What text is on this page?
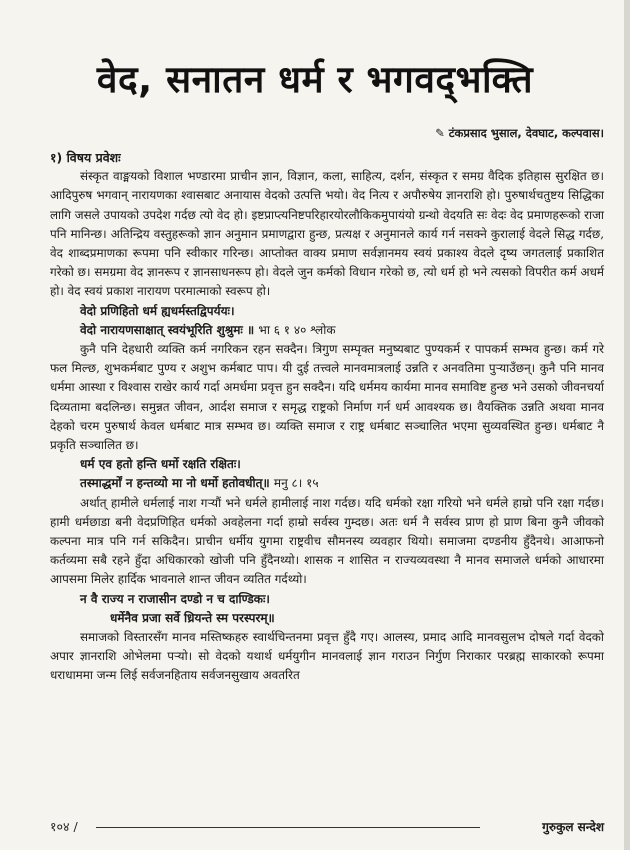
वेद, सनातन धर्म र भगवद्‌भक्ति
✎ टंकप्रसाद भुसाल, देवघाट, कल्पवास।

१) विषय प्रवेशः

संस्कृत वाङ्मयको विशाल भण्डारमा प्राचीन ज्ञान, विज्ञान, कला, साहित्य, दर्शन, संस्कृत र समग्र वैदिक इतिहास सुरक्षित छ। आदिपुरुष भगवान् नारायणका श्वासबाट अनायास वेदको उत्पत्ति भयो। वेद नित्य र अपौरुषेय ज्ञानराशि हो। पुरुषार्थचतुष्टय सिद्धिका लागि जसले उपायको उपदेश गर्दछ त्यो वेद हो। इष्टप्राप्त्यनिष्टपरिहारयोरलौकिकमुपायंयो ग्रन्थो वेदयति सः वेदः वेद प्रमाणहरूको राजा पनि मानिन्छ। अतिन्द्रिय वस्तुहरूको ज्ञान अनुमान प्रमाणद्वारा हुन्छ, प्रत्यक्ष र अनुमानले कार्य गर्न नसक्ने कुरालाई वेदले सिद्ध गर्दछ, वेद शाब्दप्रमाणका रूपमा पनि स्वीकार गरिन्छ। आप्तोक्त वाक्य प्रमाण सर्वज्ञानमय स्वयं प्रकाश्य वेदले दृष्य जगतलाई प्रकाशित गरेको छ। समग्रमा वेद ज्ञानरूप र ज्ञानसाधनरूप हो। वेदले जुन कर्मको विधान गरेको छ, त्यो धर्म हो भने त्यसको विपरीत कर्म अधर्म हो। वेद स्वयं प्रकाश नारायण परमात्माको स्वरूप हो।

वेदो प्रणिहितो धर्म ह्यधर्मस्तद्विपर्ययः।

वेदो नारायणसाक्षात् स्वयंभूरिति शुश्रुमः ॥ भा ६ १ ४० श्लोक

कुनै पनि देहधारी व्यक्ति कर्म नगरिकन रहन सक्दैन। त्रिगुण सम्पृक्त मनुष्यबाट पुण्यकर्म र पापकर्म सम्भव हुन्छ। कर्म गरे फल मिल्छ, शुभकर्मबाट पुण्य र अशुभ कर्मबाट पाप। यी दुई तत्त्वले मानवमात्रलाई उन्नति र अनवतिमा पुऱ्याउँछन्। कुनै पनि मानव धर्ममा आस्था र विश्वास राखेर कार्य गर्दा अमर्धमा प्रवृत्त हुन सक्दैन। यदि धर्ममय कार्यमा मानव समाविष्ट हुन्छ भने उसको जीवनचर्या दिव्यतामा बदलिन्छ। समुन्नत जीवन, आर्दश समाज र समृद्ध राष्ट्रको निर्माण गर्न धर्म आवश्यक छ। वैयक्तिक उन्नति अथवा मानव देहको चरम पुरुषार्थ केवल धर्मबाट मात्र सम्भव छ। व्यक्ति समाज र राष्ट्र धर्मबाट सञ्चालित भएमा सुव्यवस्थित हुन्छ। धर्मबाट नै प्रकृति सञ्चालित छ।

धर्म एव हतो हन्ति धर्मो रक्षति रक्षितः।

तस्माद्धर्मों न हन्तव्यो मा नो धर्मो हतोवधीत्॥ मनु ८। १५

अर्थात् हामीले धर्मलाई नाश गऱ्यौं भने धर्मले हामीलाई नाश गर्दछ। यदि धर्मको रक्षा गरियो भने धर्मले हाम्रो पनि रक्षा गर्दछ। हामी धर्मछाडा बनी वेदप्रणिहित धर्मको अवहेलना गर्दा हाम्रो सर्वस्व गुम्दछ। अतः धर्म नै सर्वस्व प्राण हो प्राण बिना कुनै जीवको कल्पना मात्र पनि गर्न सकिदैन। प्राचीन धर्मीय युगमा राष्ट्रवीच सौमनस्य व्यवहार थियो। समाजमा दण्डनीय हुँदैनथे। आआफनो कर्तव्यमा सबै रहने हुँदा अधिकारको खोजी पनि हुँदैनथ्यो। शासक न शासित न राज्यव्यवस्था नै मानव समाजले धर्मको आधारमा आपसमा मिलेर हार्दिक भावनाले शान्त जीवन व्यतित गर्दथ्यो।

न वै राज्य न राजासीन दण्डो न च दाण्डिकः।

धर्मेनैव प्रजा सर्वे ध्रियन्ते स्म परस्परम्॥

समाजको विस्तारसँग मानव मस्तिष्कहरु स्वार्थचिन्तनमा प्रवृत्त हुँदै गए। आलस्य, प्रमाद आदि मानवसुलभ दोषले गर्दा वेदको अपार ज्ञानराशि ओभेलमा पऱ्यो। सो वेदको यथार्थ धर्मयुगीन मानवलाई ज्ञान गराउन निर्गुण निराकार परब्रह्म साकारको रूपमा धराधाममा जन्म लिई सर्वजनहिताय सर्वजनसुखाय अवतरित

१०४ /	गुरुकुल सन्देश
